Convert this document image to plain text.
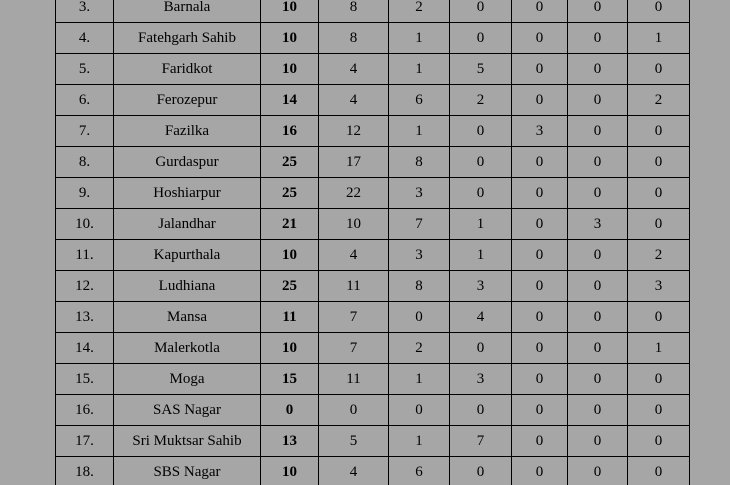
3.	Barnala	10	8	2	0	0	0	0
4.	Fatehgarh Sahib	10	8	1	0	0	0	1
5.	Faridkot	10	4	1	5	0	0	0
6.	Ferozepur	14	4	6	2	0	0	2
7.	Fazilka	16	12	1	0	3	0	0
8.	Gurdaspur	25	17	8	0	0	0	0
9.	Hoshiarpur	25	22	3	0	0	0	0
10.	Jalandhar	21	10	7	1	0	3	0
11.	Kapurthala	10	4	3	1	0	0	2
12.	Ludhiana	25	11	8	3	0	0	3
13.	Mansa	11	7	0	4	0	0	0
14.	Malerkotla	10	7	2	0	0	0	1
15.	Moga	15	11	1	3	0	0	0
16.	SAS Nagar	0	0	0	0	0	0	0
17.	Sri Muktsar Sahib	13	5	1	7	0	0	0
18.	SBS Nagar	10	4	6	0	0	0	0
